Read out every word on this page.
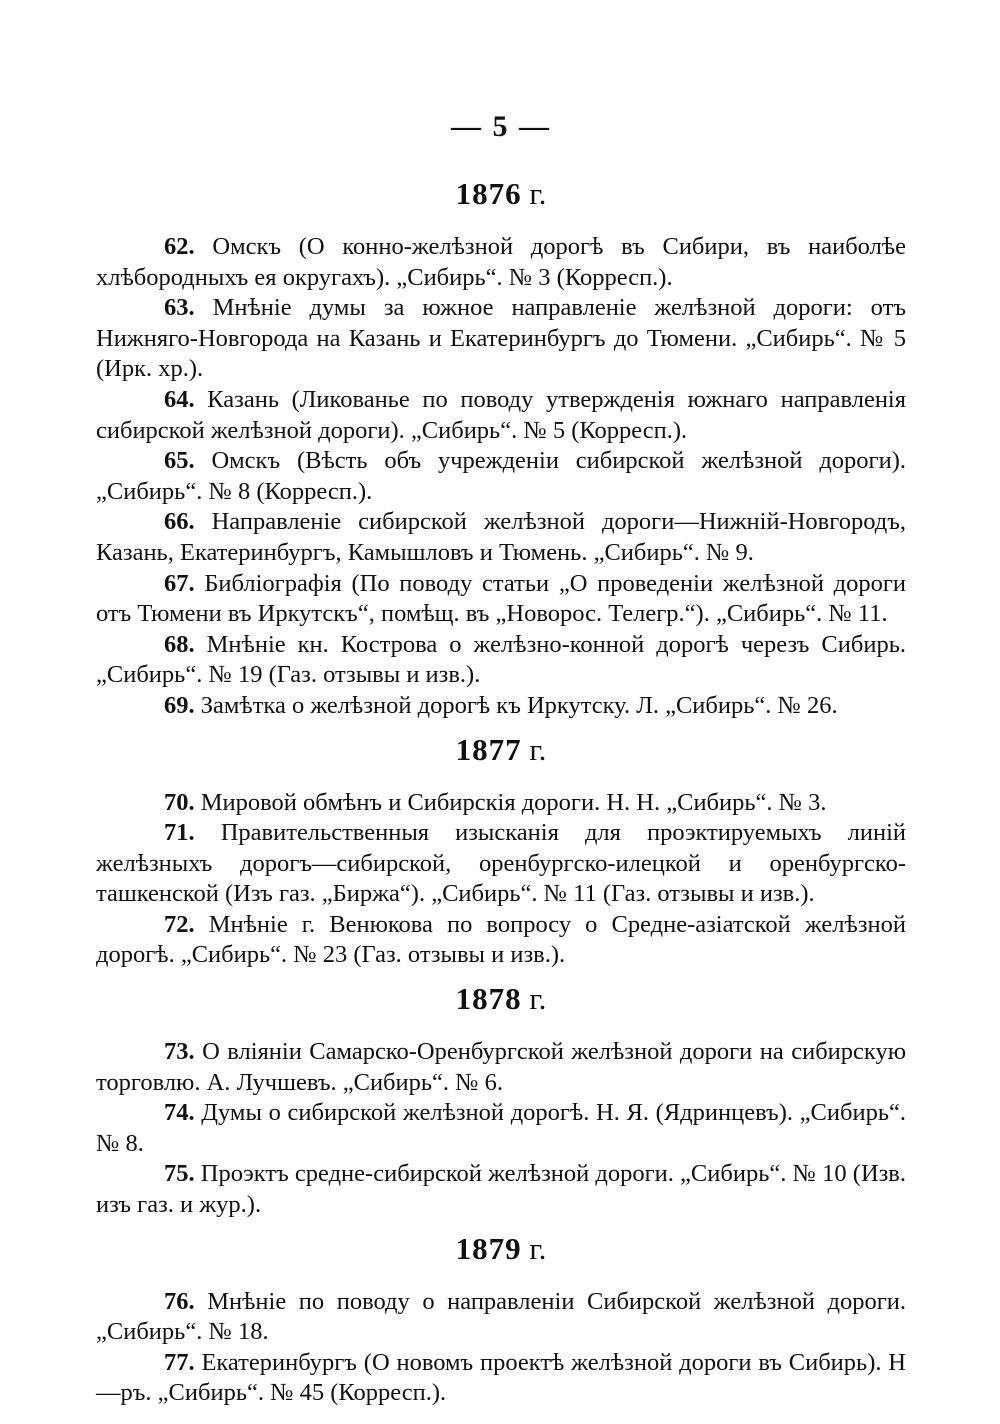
— 5 —
1876 г.

62. Омскъ (О конно-желѣзной дорогѣ въ Сибири, въ наиболѣе хлѣбородныхъ ея округахъ). „Сибирь“. № 3 (Корресп.).

63. Мнѣніе думы за южное направленіе желѣзной дороги: отъ Нижняго-Новгорода на Казань и Екатеринбургъ до Тюмени. „Сибирь“. № 5 (Ирк. хр.).

64. Казань (Ликованье по поводу утвержденія южнаго направленія сибирской желѣзной дороги). „Сибирь“. № 5 (Корресп.).

65. Омскъ (Вѣсть объ учрежденіи сибирской желѣзной дороги). „Сибирь“. № 8 (Корресп.).

66. Направленіе сибирской желѣзной дороги—Нижній-Новгородъ, Казань, Екатеринбургъ, Камышловъ и Тюмень. „Сибирь“. № 9.

67. Библіографія (По поводу статьи „О проведеніи желѣзной дороги отъ Тюмени въ Иркутскъ“, помѣщ. въ „Новорос. Телегр.“). „Сибирь“. № 11.

68. Мнѣніе кн. Кострова о желѣзно-конной дорогѣ черезъ Сибирь. „Сибирь“. № 19 (Газ. отзывы и изв.).

69. Замѣтка о желѣзной дорогѣ къ Иркутску. Л. „Сибирь“. № 26.

1877 г.

70. Мировой обмѣнъ и Сибирскія дороги. Н. Н. „Сибирь“. № 3.

71. Правительственныя изысканія для проэктируемыхъ линій желѣзныхъ дорогъ—сибирской, оренбургско-илецкой и оренбургско-ташкенской (Изъ газ. „Биржа“). „Сибирь“. № 11 (Газ. отзывы и изв.).

72. Мнѣніе г. Венюкова по вопросу о Средне-азіатской желѣзной дорогѣ. „Сибирь“. № 23 (Газ. отзывы и изв.).

1878 г.

73. О вліяніи Самарско-Оренбургской желѣзной дороги на сибирскую торговлю. А. Лучшевъ. „Сибирь“. № 6.

74. Думы о сибирской желѣзной дорогѣ. Н. Я. (Ядринцевъ). „Сибирь“. № 8.

75. Проэктъ средне-сибирской желѣзной дороги. „Сибирь“. № 10 (Изв. изъ газ. и жур.).

1879 г.

76. Мнѣніе по поводу о направленіи Сибирской желѣзной дороги. „Сибирь“. № 18.

77. Екатеринбургъ (О новомъ проектѣ желѣзной дороги въ Сибирь). Н—ръ. „Сибирь“. № 45 (Корресп.).
